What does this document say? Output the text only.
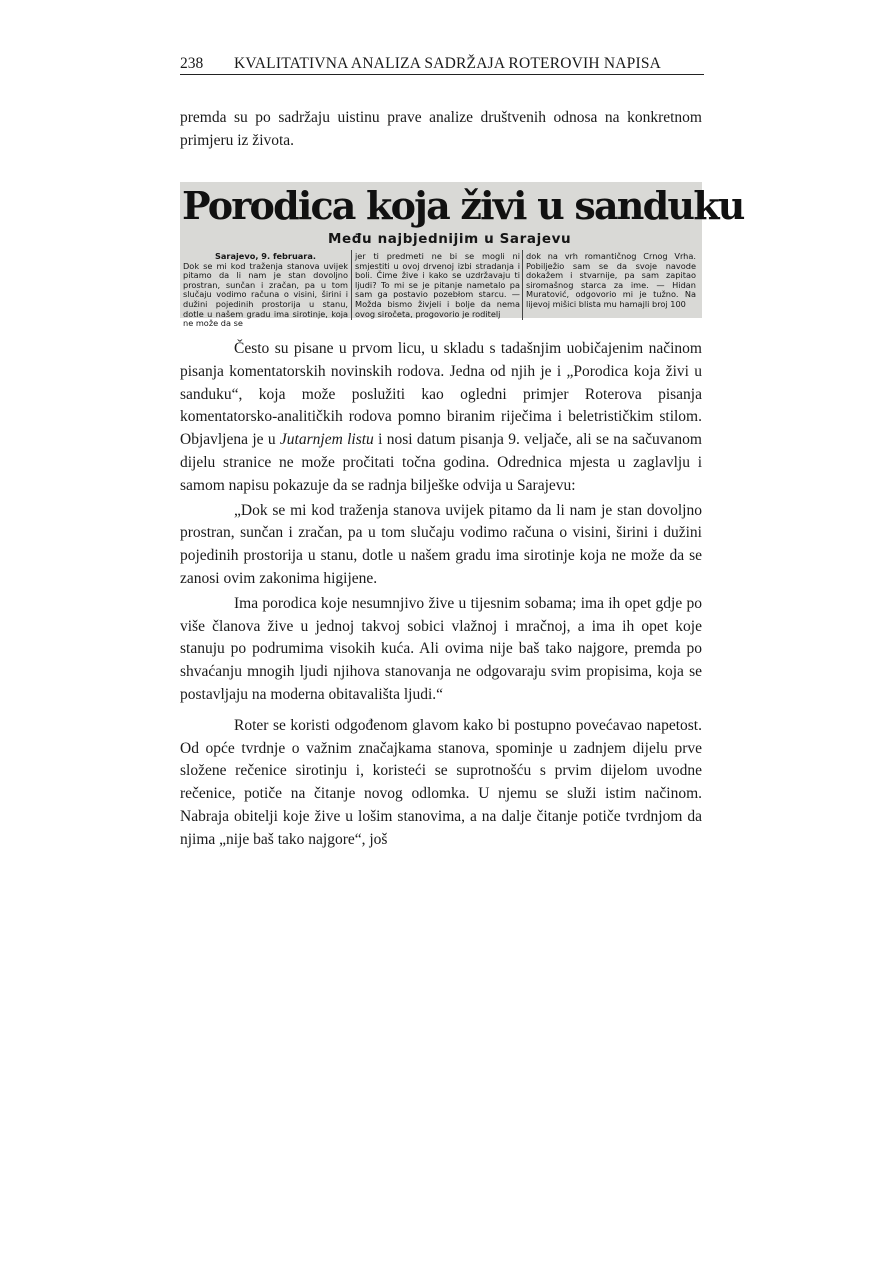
238 KVALITATIVNA ANALIZA SADRŽAJA ROTEROVIH NAPISA

premda su po sadržaju uistinu prave analize društvenih odnosa na konkretnom primjeru iz života.

Porodica koja živi u sanduku
Među najbjednijim u Sarajevu

Sarajevo, 9. februara.

Dok se mi kod traženja stanova uvijek pitamo da li nam je stan dovoljno prostran, sunčan i zračan, pa u tom slučaju vodimo računa o visini, širini i dužini pojedinih prostorija u stanu, dotle u našem gradu ima sirotinje, koja ne može da se

jer ti predmeti ne bi se mogli ni smjestiti u ovoj drvenoj izbi stradanja i boli. Čime žive i kako se uzdržavaju ti ljudi? To mi se je pitanje nametalo pa sam ga postavio pozebłom starcu. — Možda bismo živjeli i bolje da nema ovog siročeta, progovorio je roditelj

dok na vrh romantičnog Crnog Vrha. Pobilježio sam se da svoje navode dokažem i stvarnije, pa sam zapitao siromašnog starca za ime. — Hidan Muratović, odgovorio mi je tužno. Na lijevoj mišici blista mu hamajli broj 100

Često su pisane u prvom licu, u skladu s tadašnjim uobičajenim načinom pisanja komentatorskih novinskih rodova. Jedna od njih je i „Porodica koja živi u sanduku“, koja može poslužiti kao ogledni primjer Roterova pisanja komentatorsko-analitičkih rodova pomno biranim riječima i beletrističkim stilom. Objavljena je u Jutarnjem listu i nosi datum pisanja 9. veljače, ali se na sačuvanom dijelu stranice ne može pročitati točna godina. Odrednica mjesta u zaglavlju i samom napisu pokazuje da se radnja bilješke odvija u Sarajevu:

„Dok se mi kod traženja stanova uvijek pitamo da li nam je stan dovoljno prostran, sunčan i zračan, pa u tom slučaju vodimo računa o visini, širini i dužini pojedinih prostorija u stanu, dotle u našem gradu ima sirotinje koja ne može da se zanosi ovim zakonima higijene.

Ima porodica koje nesumnjivo žive u tijesnim sobama; ima ih opet gdje po više članova žive u jednoj takvoj sobici vlažnoj i mračnoj, a ima ih opet koje stanuju po podrumima visokih kuća. Ali ovima nije baš tako najgore, premda po shvaćanju mnogih ljudi njihova stanovanja ne odgovaraju svim propisima, koja se postavljaju na moderna obitavališta ljudi.“

Roter se koristi odgođenom glavom kako bi postupno povećavao napetost. Od opće tvrdnje o važnim značajkama stanova, spominje u zadnjem dijelu prve složene rečenice sirotinju i, koristeći se suprotnošću s prvim dijelom uvodne rečenice, potiče na čitanje novog odlomka. U njemu se služi istim načinom. Nabraja obitelji koje žive u lošim stanovima, a na dalje čitanje potiče tvrdnjom da njima „nije baš tako najgore“, još
